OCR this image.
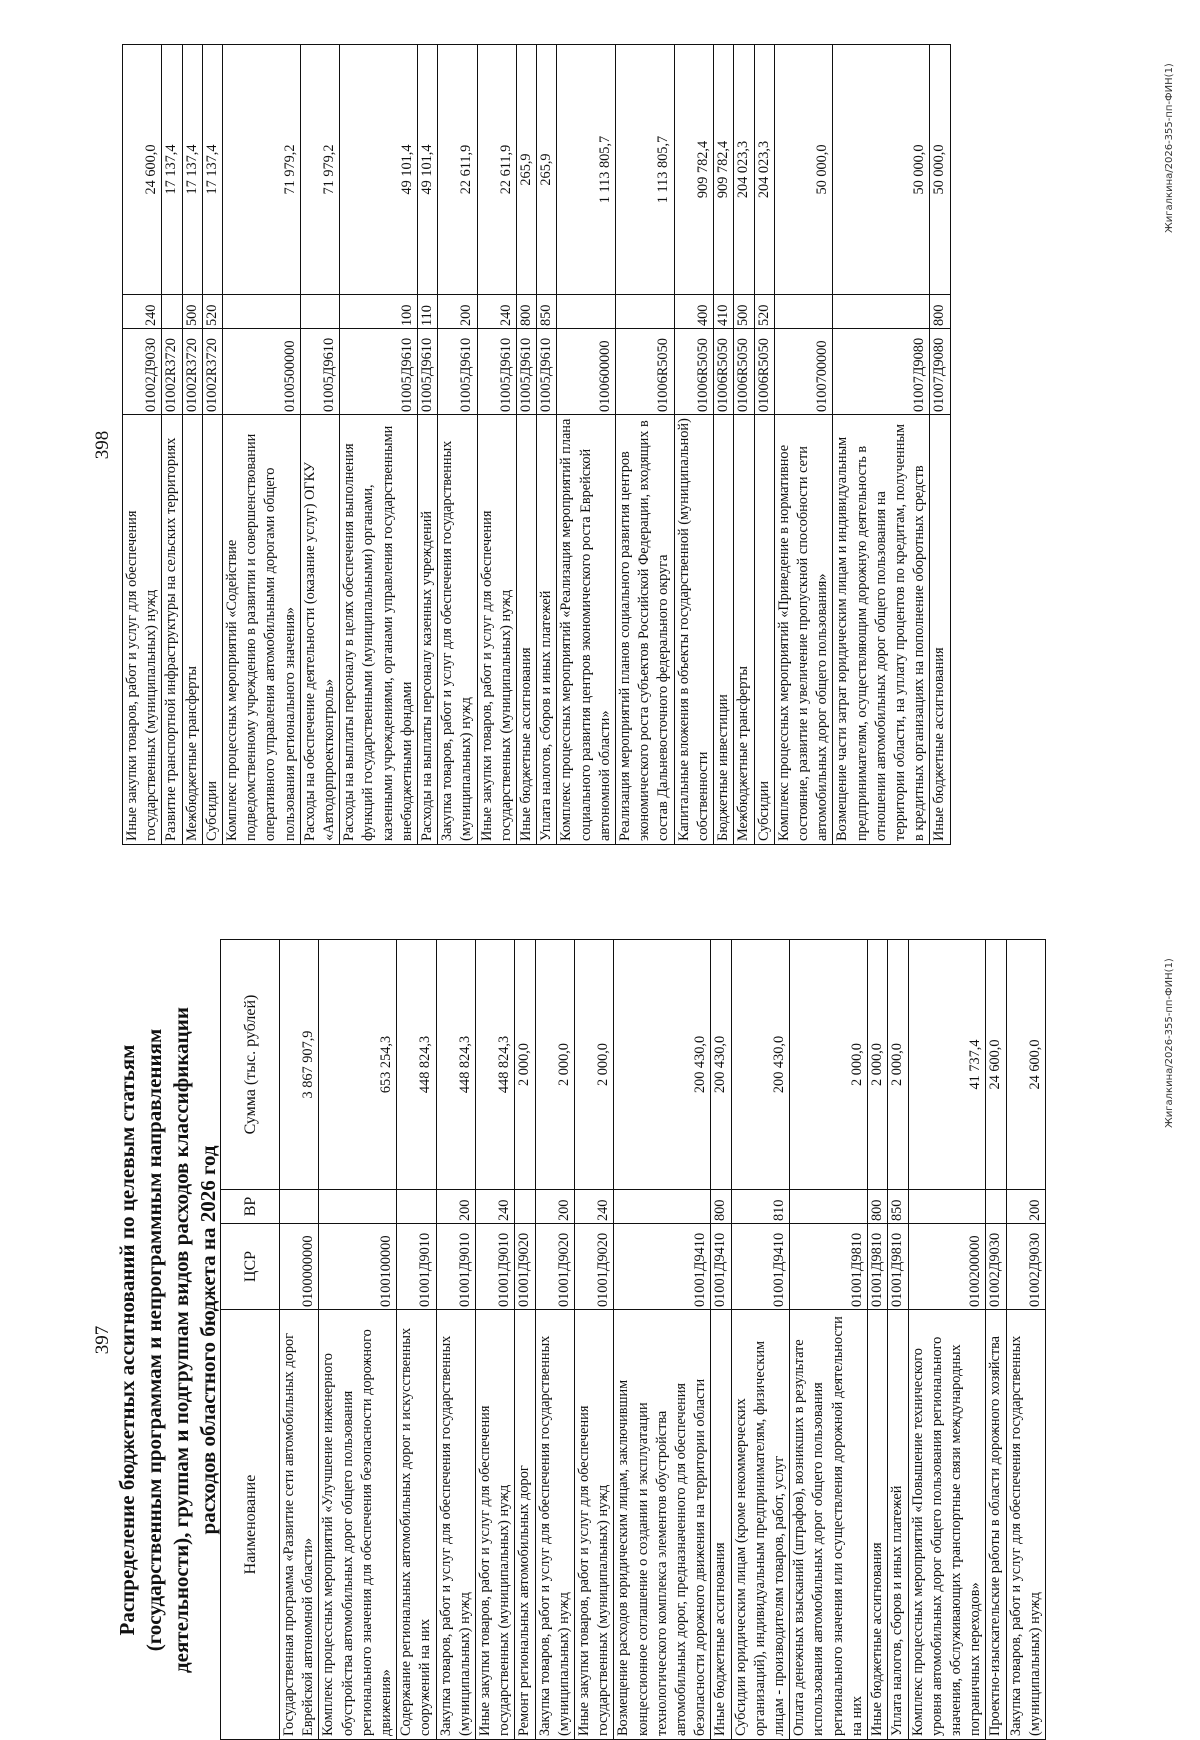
397 Распределение бюджетных ассигнований по целевым статьям (государственным программам и непрограммным направлениям деятельности), группам и подгруппам видов расходов классификации расходов областного бюджета на 2026 год Наименование	ЦСР	ВР	Сумма (тыс. рублей)
Государственная программа «Развитие сети автомобильных дорог Еврейской автономной области»	0100000000		3 867 907,9
Комплекс процессных мероприятий «Улучшение инженерного обустройства автомобильных дорог общего пользования регионального значения для обеспечения безопасности дорожного движения»	0100100000		653 254,3
Содержание региональных автомобильных дорог и искусственных сооружений на них	01001Д9010		448 824,3
Закупка товаров, работ и услуг для обеспечения государственных (муниципальных) нужд	01001Д9010	200	448 824,3
Иные закупки товаров, работ и услуг для обеспечения государственных (муниципальных) нужд	01001Д9010	240	448 824,3
Ремонт региональных автомобильных дорог	01001Д9020		2 000,0
Закупка товаров, работ и услуг для обеспечения государственных (муниципальных) нужд	01001Д9020	200	2 000,0
Иные закупки товаров, работ и услуг для обеспечения государственных (муниципальных) нужд	01001Д9020	240	2 000,0
Возмещение расходов юридическим лицам, заключившим концессионное соглашение о создании и эксплуатации технологического комплекса элементов обустройства автомобильных дорог, предназначенного для обеспечения безопасности дорожного движения на территории области	01001Д9410		200 430,0
Иные бюджетные ассигнования	01001Д9410	800	200 430,0
Субсидии юридическим лицам (кроме некоммерческих организаций), индивидуальным предпринимателям, физическим лицам - производителям товаров, работ, услуг	01001Д9410	810	200 430,0
Оплата денежных взысканий (штрафов), возникших в результате использования автомобильных дорог общего пользования регионального значения или осуществления дорожной деятельности на них	01001Д9810		2 000,0
Иные бюджетные ассигнования	01001Д9810	800	2 000,0
Уплата налогов, сборов и иных платежей	01001Д9810	850	2 000,0
Комплекс процессных мероприятий «Повышение технического уровня автомобильных дорог общего пользования регионального значения, обслуживающих транспортные связи международных пограничных переходов»	0100200000		41 737,4
Проектно-изыскательские работы в области дорожного хозяйства	01002Д9030		24 600,0
Закупка товаров, работ и услуг для обеспечения государственных (муниципальных) нужд	01002Д9030	200	24 600,0	Жигалкина/2026-355-пп-ФИН(1)
398
Иные закупки товаров, работ и услуг для обеспечения государственных (муниципальных) нужд	01002Д9030	240	24 600,0
Развитие транспортной инфраструктуры на сельских территориях	01002R3720		17 137,4
Межбюджетные трансферты	01002R3720	500	17 137,4
Субсидии	01002R3720	520	17 137,4
Комплекс процессных мероприятий «Содействие подведомственному учреждению в развитии и совершенствовании оперативного управления автомобильными дорогами общего пользования регионального значения»	0100500000		71 979,2
Расходы на обеспечение деятельности (оказание услуг) ОГКУ «Автодорпроектконтроль»	01005Д9610		71 979,2
Расходы на выплаты персоналу в целях обеспечения выполнения функций государственными (муниципальными) органами, казенными учреждениями, органами управления государственными внебюджетными фондами	01005Д9610	100	49 101,4
Расходы на выплаты персоналу казенных учреждений	01005Д9610	110	49 101,4
Закупка товаров, работ и услуг для обеспечения государственных (муниципальных) нужд	01005Д9610	200	22 611,9
Иные закупки товаров, работ и услуг для обеспечения государственных (муниципальных) нужд	01005Д9610	240	22 611,9
Иные бюджетные ассигнования	01005Д9610	800	265,9
Уплата налогов, сборов и иных платежей	01005Д9610	850	265,9
Комплекс процессных мероприятий «Реализация мероприятий плана социального развития центров экономического роста Еврейской автономной области»	0100600000		1 113 805,7
Реализация мероприятий планов социального развития центров экономического роста субъектов Российской Федерации, входящих в состав Дальневосточного федерального округа	01006R5050		1 113 805,7
Капитальные вложения в объекты государственной (муниципальной) собственности	01006R5050	400	909 782,4
Бюджетные инвестиции	01006R5050	410	909 782,4
Межбюджетные трансферты	01006R5050	500	204 023,3
Субсидии	01006R5050	520	204 023,3
Комплекс процессных мероприятий «Приведение в нормативное состояние, развитие и увеличение пропускной способности сети автомобильных дорог общего пользования»	0100700000		50 000,0
Возмещение части затрат юридическим лицам и индивидуальным предпринимателям, осуществляющим дорожную деятельность в отношении автомобильных дорог общего пользования на территории области, на уплату процентов по кредитам, полученным в кредитных организациях на пополнение оборотных средств	01007Д9080		50 000,0
Иные бюджетные ассигнования	01007Д9080	800	50 000,0	Жигалкина/2026-355-пп-ФИН(1)
